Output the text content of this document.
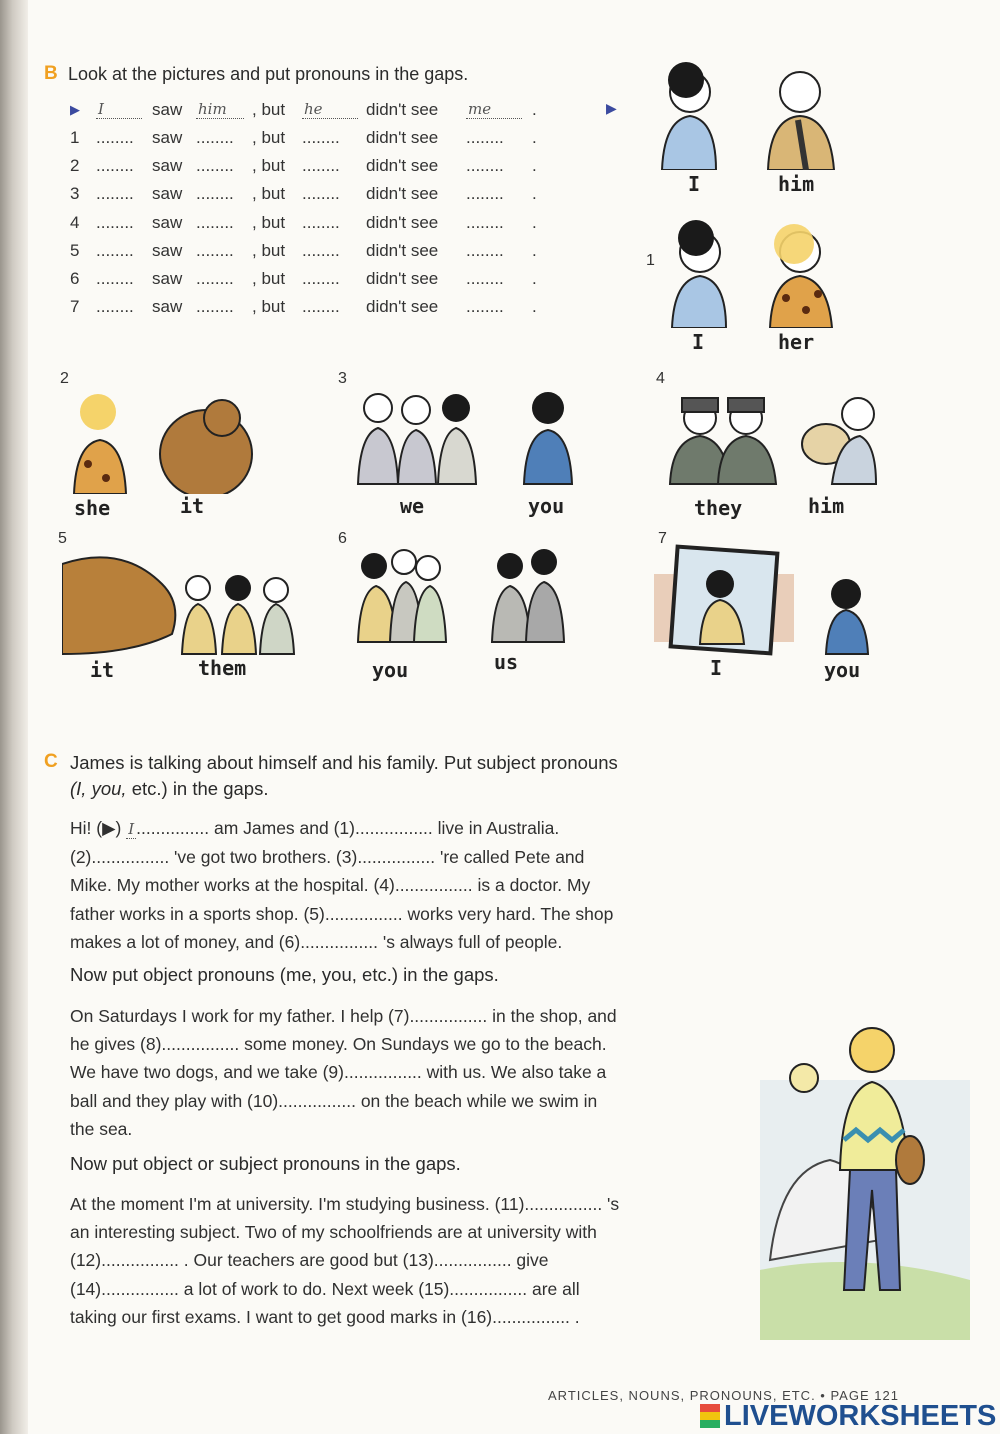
B Look at the pictures and put pronouns in the gaps.
▶ I	saw him	, but he	didn't see me	.
1 ........ saw ........ , but ........ didn't see ........ .
2 ........ saw ........ , but ........ didn't see ........ .
3 ........ saw ........ , but ........ didn't see ........ .
4 ........ saw ........ , but ........ didn't see ........ .
5 ........ saw ........ , but ........ didn't see ........ .
6 ........ saw ........ , but ........ didn't see ........ .
7 ........ saw ........ , but ........ didn't see ........ .
▶
I	him
1
I	her
2
she	it
3
we	you
4
they	him
5
it	them
6
you	us
7
I	you
C James is talking about himself and his family. Put subject pronouns
(I, you, etc.) in the gaps.
Hi! (▶) I ............... am James and (1)................ live in Australia.
(2)................ 've got two brothers. (3)................ 're called Pete and
Mike. My mother works at the hospital. (4)................ is a doctor. My
father works in a sports shop. (5)................ works very hard. The shop
makes a lot of money, and (6)................ 's always full of people.
Now put object pronouns (me, you, etc.) in the gaps.
On Saturdays I work for my father. I help (7)................ in the shop, and
he gives (8)................ some money. On Sundays we go to the beach.
We have two dogs, and we take (9)................ with us. We also take a
ball and they play with (10)................ on the beach while we swim in
the sea.
Now put object or subject pronouns in the gaps.
At the moment I'm at university. I'm studying business. (11)................ 's
an interesting subject. Two of my schoolfriends are at university with
(12)................ . Our teachers are good but (13)................ give
(14)................ a lot of work to do. Next week (15)................ are all
taking our first exams. I want to get good marks in (16)................ .
ARTICLES, NOUNS, PRONOUNS, ETC. • PAGE 121
LIVEWORKSHEETS
